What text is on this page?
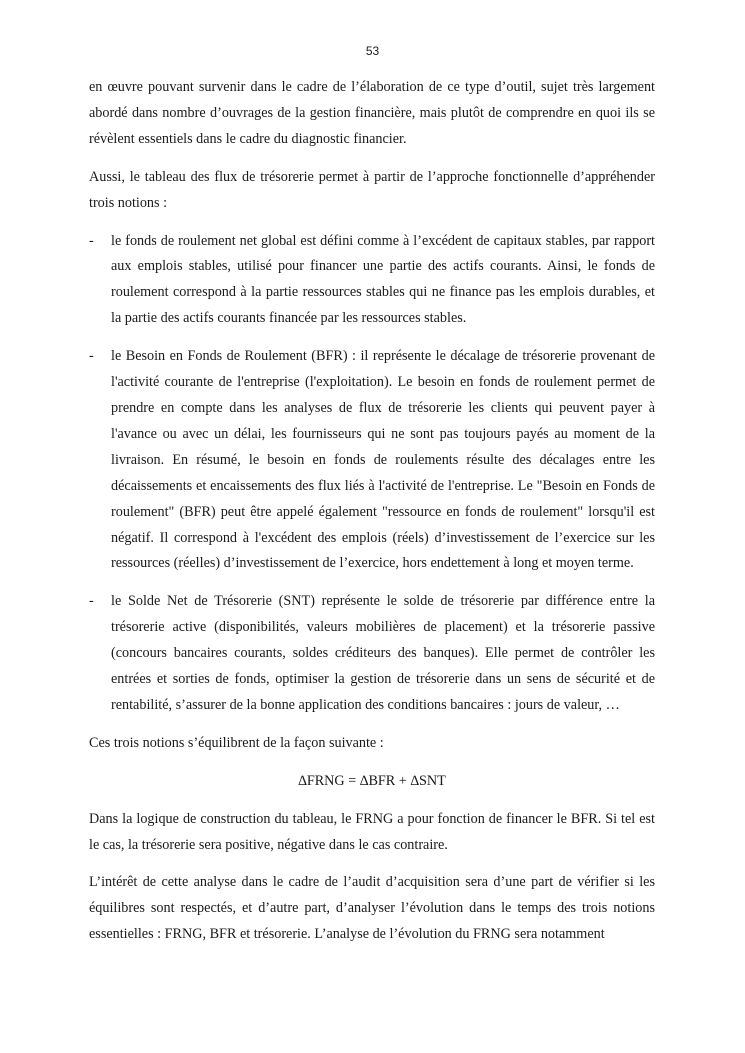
53

en œuvre pouvant survenir dans le cadre de l’élaboration de ce type d’outil, sujet très largement abordé dans nombre d’ouvrages de la gestion financière, mais plutôt de comprendre en quoi ils se révèlent essentiels dans le cadre du diagnostic financier.

Aussi, le tableau des flux de trésorerie permet à partir de l’approche fonctionnelle d’appréhender trois notions :

- le fonds de roulement net global est défini comme à l’excédent de capitaux stables, par rapport aux emplois stables, utilisé pour financer une partie des actifs courants. Ainsi, le fonds de roulement correspond à la partie ressources stables qui ne finance pas les emplois durables, et la partie des actifs courants financée par les ressources stables.
- le Besoin en Fonds de Roulement (BFR) : il représente le décalage de trésorerie provenant de l'activité courante de l'entreprise (l'exploitation). Le besoin en fonds de roulement permet de prendre en compte dans les analyses de flux de trésorerie les clients qui peuvent payer à l'avance ou avec un délai, les fournisseurs qui ne sont pas toujours payés au moment de la livraison. En résumé, le besoin en fonds de roulements résulte des décalages entre les décaissements et encaissements des flux liés à l'activité de l'entreprise. Le "Besoin en Fonds de roulement" (BFR) peut être appelé également "ressource en fonds de roulement" lorsqu'il est négatif. Il correspond à l'excédent des emplois (réels) d’investissement de l’exercice sur les ressources (réelles) d’investissement de l’exercice, hors endettement à long et moyen terme.
- le Solde Net de Trésorerie (SNT) représente le solde de trésorerie par différence entre la trésorerie active (disponibilités, valeurs mobilières de placement) et la trésorerie passive (concours bancaires courants, soldes créditeurs des banques). Elle permet de contrôler les entrées et sorties de fonds, optimiser la gestion de trésorerie dans un sens de sécurité et de rentabilité, s’assurer de la bonne application des conditions bancaires : jours de valeur, …

Ces trois notions s’équilibrent de la façon suivante :

∆FRNG = ∆BFR + ∆SNT

Dans la logique de construction du tableau, le FRNG a pour fonction de financer le BFR. Si tel est le cas, la trésorerie sera positive, négative dans le cas contraire.

L’intérêt de cette analyse dans le cadre de l’audit d’acquisition sera d’une part de vérifier si les équilibres sont respectés, et d’autre part, d’analyser l’évolution dans le temps des trois notions essentielles : FRNG, BFR et trésorerie. L’analyse de l’évolution du FRNG sera notamment
